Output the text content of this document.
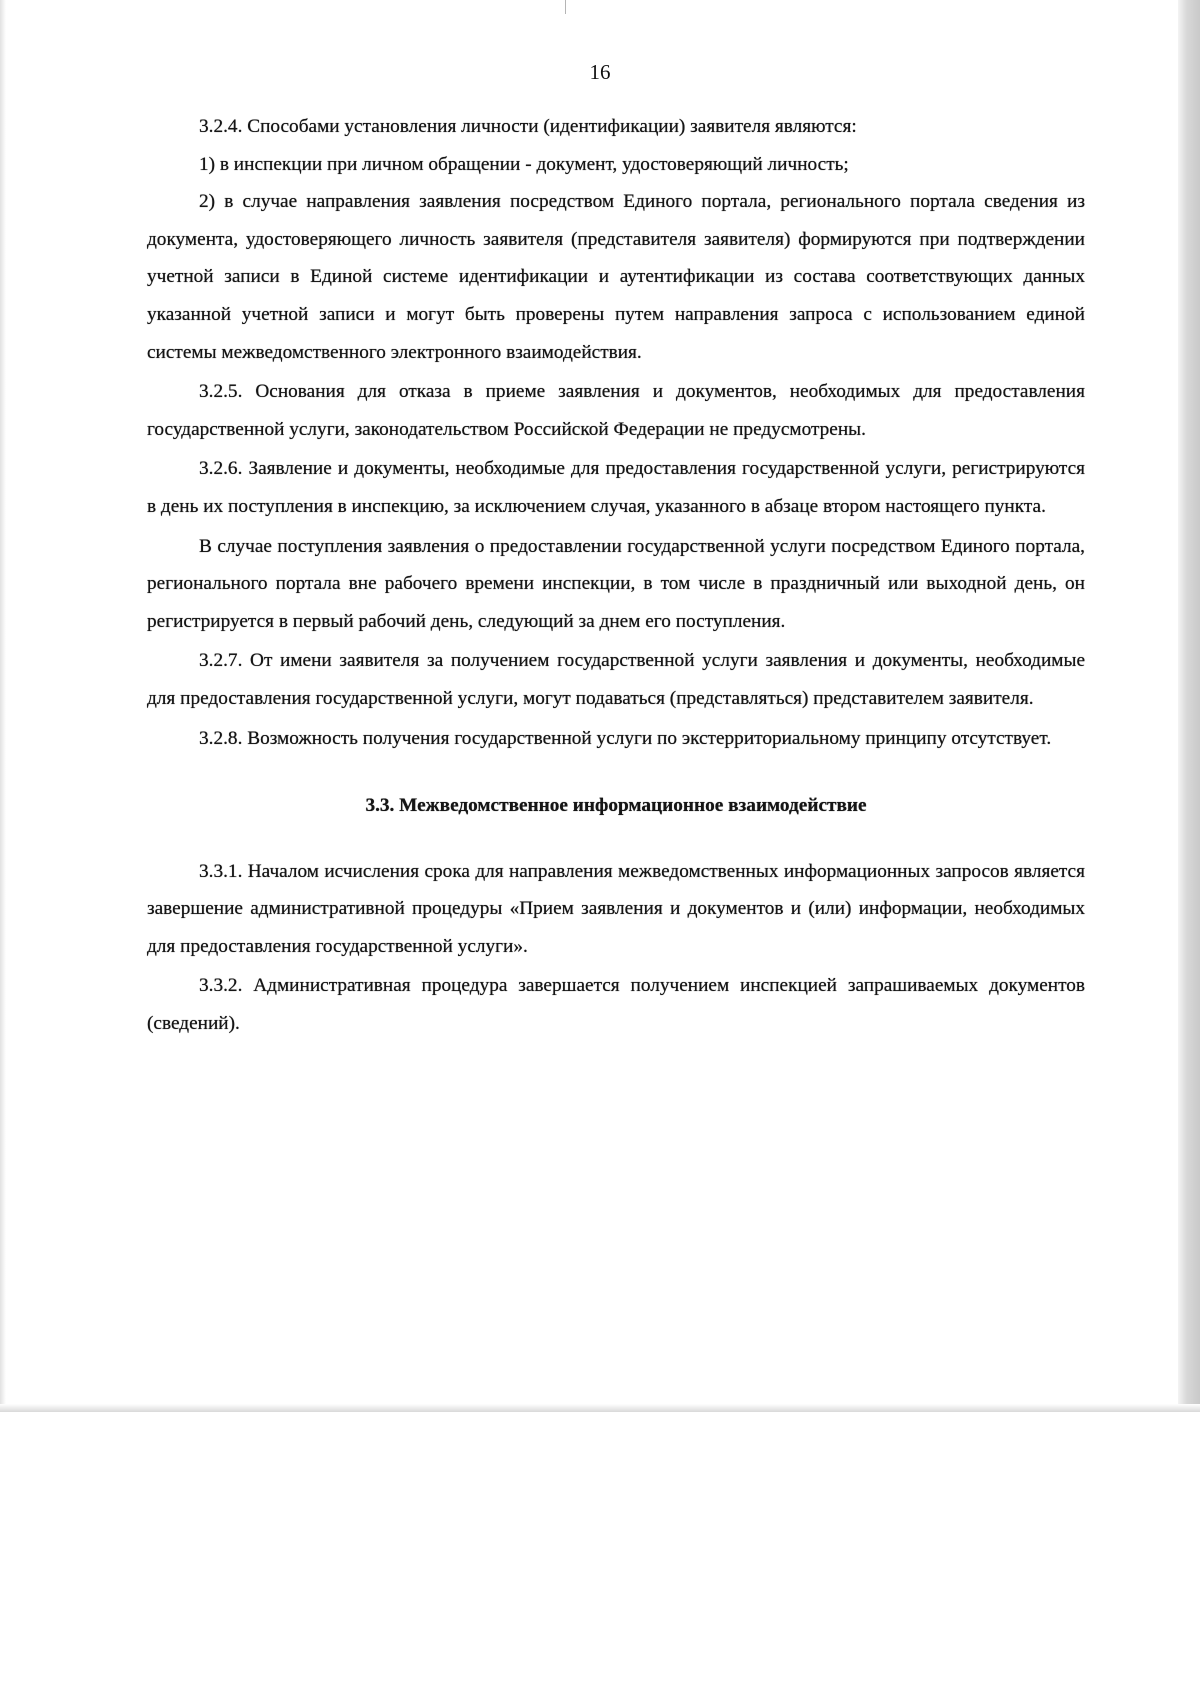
16

3.2.4. Способами установления личности (идентификации) заявителя являются:

1) в инспекции при личном обращении - документ, удостоверяющий личность;

2) в случае направления заявления посредством Единого портала, регионального портала сведения из документа, удостоверяющего личность заявителя (представителя заявителя) формируются при подтверждении учетной записи в Единой системе идентификации и аутентификации из состава соответствующих данных указанной учетной записи и могут быть проверены путем направления запроса с использованием единой системы межведомственного электронного взаимодействия.

3.2.5. Основания для отказа в приеме заявления и документов, необходимых для предоставления государственной услуги, законодательством Российской Федерации не предусмотрены.

3.2.6. Заявление и документы, необходимые для предоставления государственной услуги, регистрируются в день их поступления в инспекцию, за исключением случая, указанного в абзаце втором настоящего пункта.

В случае поступления заявления о предоставлении государственной услуги посредством Единого портала, регионального портала вне рабочего времени инспекции, в том числе в праздничный или выходной день, он регистрируется в первый рабочий день, следующий за днем его поступления.

3.2.7. От имени заявителя за получением государственной услуги заявления и документы, необходимые для предоставления государственной услуги, могут подаваться (представляться) представителем заявителя.

3.2.8. Возможность получения государственной услуги по экстерриториальному принципу отсутствует.

3.3. Межведомственное информационное взаимодействие

3.3.1. Началом исчисления срока для направления межведомственных информационных запросов является завершение административной процедуры «Прием заявления и документов и (или) информации, необходимых для предоставления государственной услуги».

3.3.2. Административная процедура завершается получением инспекцией запрашиваемых документов (сведений).
